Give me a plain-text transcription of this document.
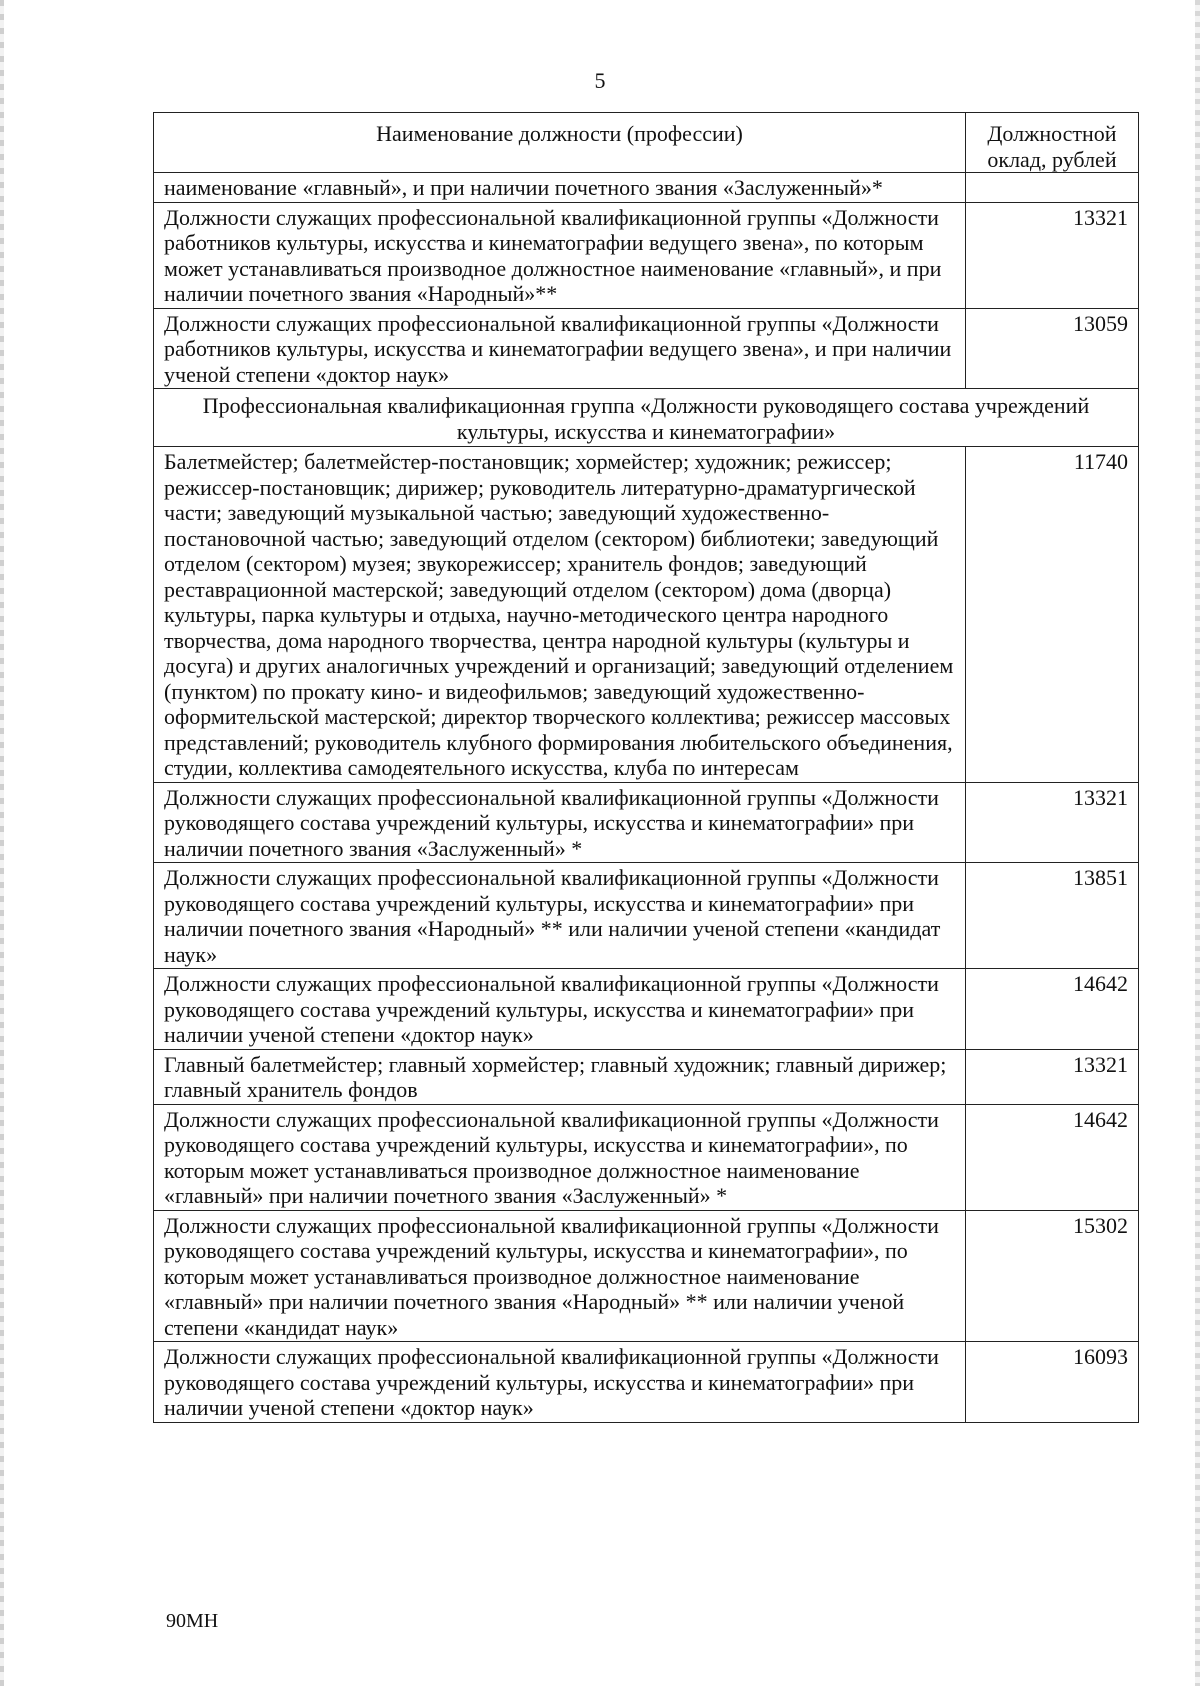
5
Наименование должности (профессии)	Должностной оклад, рублей
наименование «главный», и при наличии почетного звания «Заслуженный»*	
Должности служащих профессиональной квалификационной группы «Должности работников культуры, искусства и кинематографии ведущего звена», по которым может устанавливаться производное должностное наименование «главный», и при наличии почетного звания «Народный»**	13321
Должности служащих профессиональной квалификационной группы «Должности работников культуры, искусства и кинематографии ведущего звена», и при наличии ученой степени «доктор наук»	13059
Профессиональная квалификационная группа «Должности руководящего состава учреждений культуры, искусства и кинематографии»	
Балетмейстер; балетмейстер-постановщик; хормейстер; художник; режиссер; режиссер-постановщик; дирижер; руководитель литературно-драматургической части; заведующий музыкальной частью; заведующий художественно-постановочной частью; заведующий отделом (сектором) библиотеки; заведующий отделом (сектором) музея; звукорежиссер; хранитель фондов; заведующий реставрационной мастерской; заведующий отделом (сектором) дома (дворца) культуры, парка культуры и отдыха, научно-методического центра народного творчества, дома народного творчества, центра народной культуры (культуры и досуга) и других аналогичных учреждений и организаций; заведующий отделением (пунктом) по прокату кино- и видеофильмов; заведующий художественно-оформительской мастерской; директор творческого коллектива; режиссер массовых представлений; руководитель клубного формирования любительского объединения, студии, коллектива самодеятельного искусства, клуба по интересам	11740
Должности служащих профессиональной квалификационной группы «Должности руководящего состава учреждений культуры, искусства и кинематографии» при наличии почетного звания «Заслуженный» *	13321
Должности служащих профессиональной квалификационной группы «Должности руководящего состава учреждений культуры, искусства и кинематографии» при наличии почетного звания «Народный» ** или наличии ученой степени «кандидат наук»	13851
Должности служащих профессиональной квалификационной группы «Должности руководящего состава учреждений культуры, искусства и кинематографии» при наличии ученой степени «доктор наук»	14642
Главный балетмейстер; главный хормейстер; главный художник; главный дирижер; главный хранитель фондов	13321
Должности служащих профессиональной квалификационной группы «Должности руководящего состава учреждений культуры, искусства и кинематографии», по которым может устанавливаться производное должностное наименование «главный» при наличии почетного звания «Заслуженный» *	14642
Должности служащих профессиональной квалификационной группы «Должности руководящего состава учреждений культуры, искусства и кинематографии», по которым может устанавливаться производное должностное наименование «главный» при наличии почетного звания «Народный» ** или наличии ученой степени «кандидат наук»	15302
Должности служащих профессиональной квалификационной группы «Должности руководящего состава учреждений культуры, искусства и кинематографии» при наличии ученой степени «доктор наук»	16093
90МН
